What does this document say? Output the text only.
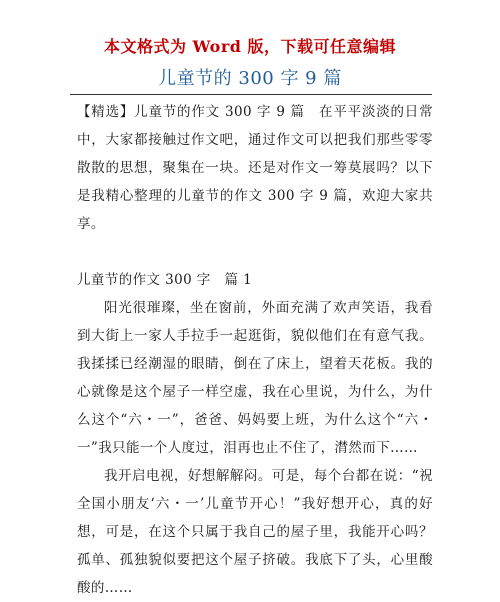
本文格式为 Word 版，下载可任意编辑
儿童节的 300 字 9 篇

【精选】儿童节的作文 300 字 9 篇　在平平淡淡的日常中，大家都接触过作文吧，通过作文可以把我们那些零零散散的思想，聚集在一块。还是对作文一筹莫展吗？以下是我精心整理的儿童节的作文 300 字 9 篇，欢迎大家共享。

儿童节的作文 300 字　篇 1

阳光很璀璨，坐在窗前，外面充满了欢声笑语，我看到大街上一家人手拉手一起逛街，貌似他们在有意气我。我揉揉已经潮湿的眼睛，倒在了床上，望着天花板。我的心就像是这个屋子一样空虚，我在心里说，为什么，为什么这个“六・一”，爸爸、妈妈要上班，为什么这个“六・一”我只能一个人度过，泪再也止不住了，潸然而下……

我开启电视，好想解解闷。可是，每个台都在说：“祝全国小朋友‘六・一’儿童节开心！”我好想开心，真的好想，可是，在这个只属于我自己的屋子里，我能开心吗？孤单、孤独貌似要把这个屋子挤破。我底下了头，心里酸酸的……
